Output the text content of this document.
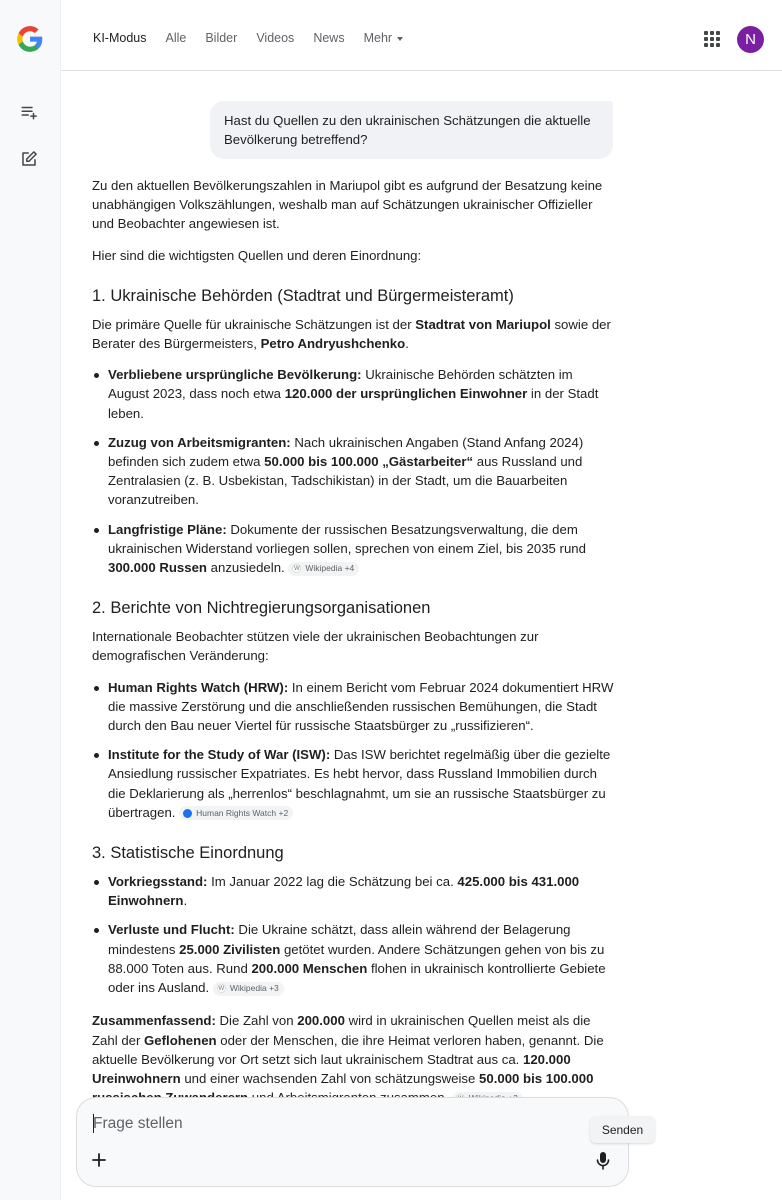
KI-Modus Alle Bilder Videos News Mehr	N
Hast du Quellen zu den ukrainischen Schätzungen die aktuelle Bevölkerung betreffend?

Zu den aktuellen Bevölkerungszahlen in Mariupol gibt es aufgrund der Besatzung keine unabhängigen Volkszählungen, weshalb man auf Schätzungen ukrainischer Offizieller und Beobachter angewiesen ist.

Hier sind die wichtigsten Quellen und deren Einordnung:

1. Ukrainische Behörden (Stadtrat und Bürgermeisteramt)

Die primäre Quelle für ukrainische Schätzungen ist der Stadtrat von Mariupol sowie der Berater des Bürgermeisters, Petro Andryushchenko.

Verbliebene ursprüngliche Bevölkerung: Ukrainische Behörden schätzten im August 2023, dass noch etwa 120.000 der ursprünglichen Einwohner in der Stadt leben.
Zuzug von Arbeitsmigranten: Nach ukrainischen Angaben (Stand Anfang 2024) befinden sich zudem etwa 50.000 bis 100.000 „Gästarbeiter“ aus Russland und Zentralasien (z. B. Usbekistan, Tadschikistan) in der Stadt, um die Bauarbeiten voranzutreiben.
Langfristige Pläne: Dokumente der russischen Besatzungsverwaltung, die dem ukrainischen Widerstand vorliegen sollen, sprechen von einem Ziel, bis 2035 rund 300.000 Russen anzusiedeln. W Wikipedia +4
2. Berichte von Nichtregierungsorganisationen

Internationale Beobachter stützen viele der ukrainischen Beobachtungen zur demografischen Veränderung:

Human Rights Watch (HRW): In einem Bericht vom Februar 2024 dokumentiert HRW die massive Zerstörung und die anschließenden russischen Bemühungen, die Stadt durch den Bau neuer Viertel für russische Staatsbürger zu „russifizieren“.
Institute for the Study of War (ISW): Das ISW berichtet regelmäßig über die gezielte Ansiedlung russischer Expatriates. Es hebt hervor, dass Russland Immobilien durch die Deklarierung als „herrenlos“ beschlagnahmt, um sie an russische Staatsbürger zu übertragen. Human Rights Watch +2
3. Statistische Einordnung
Vorkriegsstand: Im Januar 2022 lag die Schätzung bei ca. 425.000 bis 431.000 Einwohnern.
Verluste und Flucht: Die Ukraine schätzt, dass allein während der Belagerung mindestens 25.000 Zivilisten getötet wurden. Andere Schätzungen gehen von bis zu 88.000 Toten aus. Rund 200.000 Menschen flohen in ukrainisch kontrollierte Gebiete oder ins Ausland. W Wikipedia +3

Zusammenfassend: Die Zahl von 200.000 wird in ukrainischen Quellen meist als die Zahl der Geflohenen oder der Menschen, die ihre Heimat verloren haben, genannt. Die aktuelle Bevölkerung vor Ort setzt sich laut ukrainischem Stadtrat aus ca. 120.000 Ureinwohnern und einer wachsenden Zahl von schätzungsweise 50.000 bis 100.000

Frage stellen
Senden
